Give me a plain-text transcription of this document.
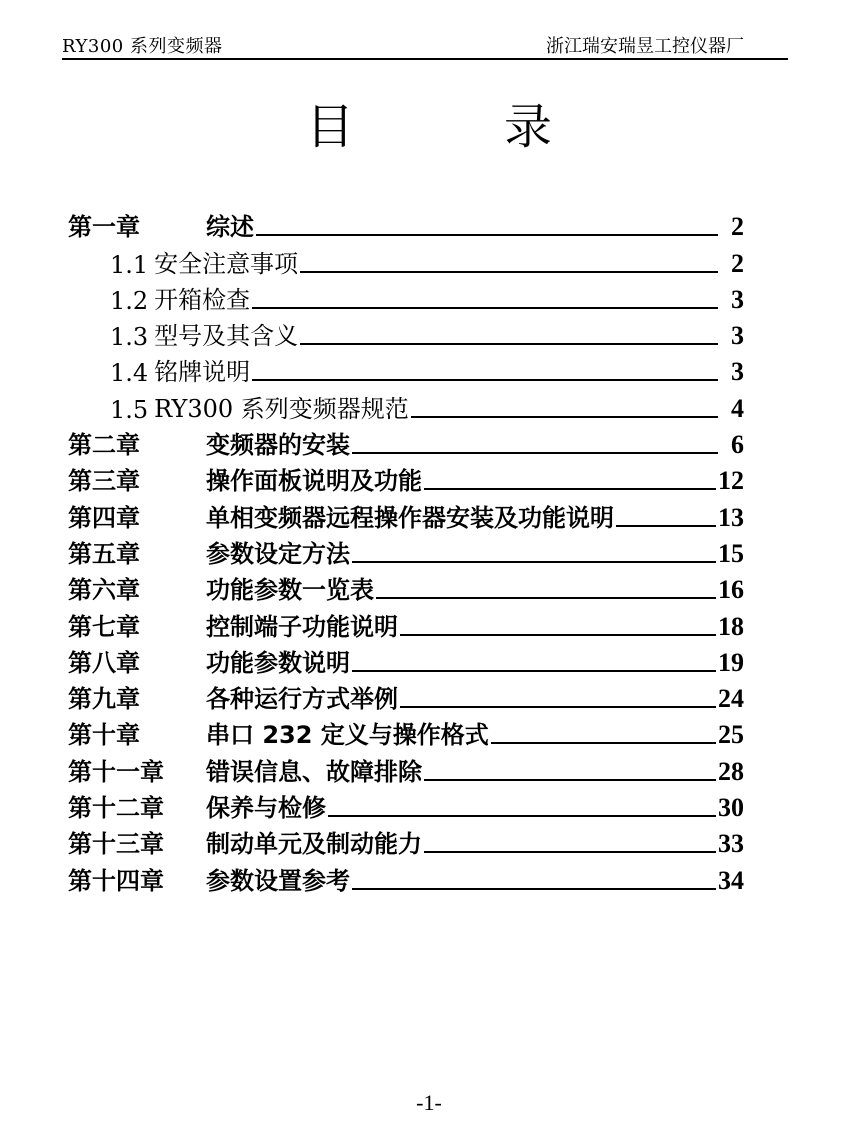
RY300 系列变频器	浙江瑞安瑞昱工控仪器厂
目	录
第一章	综述	2
1.1 安全注意事项	2
1.2 开箱检查	3
1.3 型号及其含义	3
1.4 铭牌说明	3
1.5 RY300 系列变频器规范	4
第二章	变频器的安装	6
第三章	操作面板说明及功能	12
第四章	单相变频器远程操作器安装及功能说明	13
第五章	参数设定方法	15
第六章	功能参数一览表	16
第七章	控制端子功能说明	18
第八章	功能参数说明	19
第九章	各种运行方式举例	24
第十章	串口 232 定义与操作格式	25
第十一章	错误信息、故障排除	28
第十二章	保养与检修	30
第十三章	制动单元及制动能力	33
第十四章	参数设置参考	34
-1-
